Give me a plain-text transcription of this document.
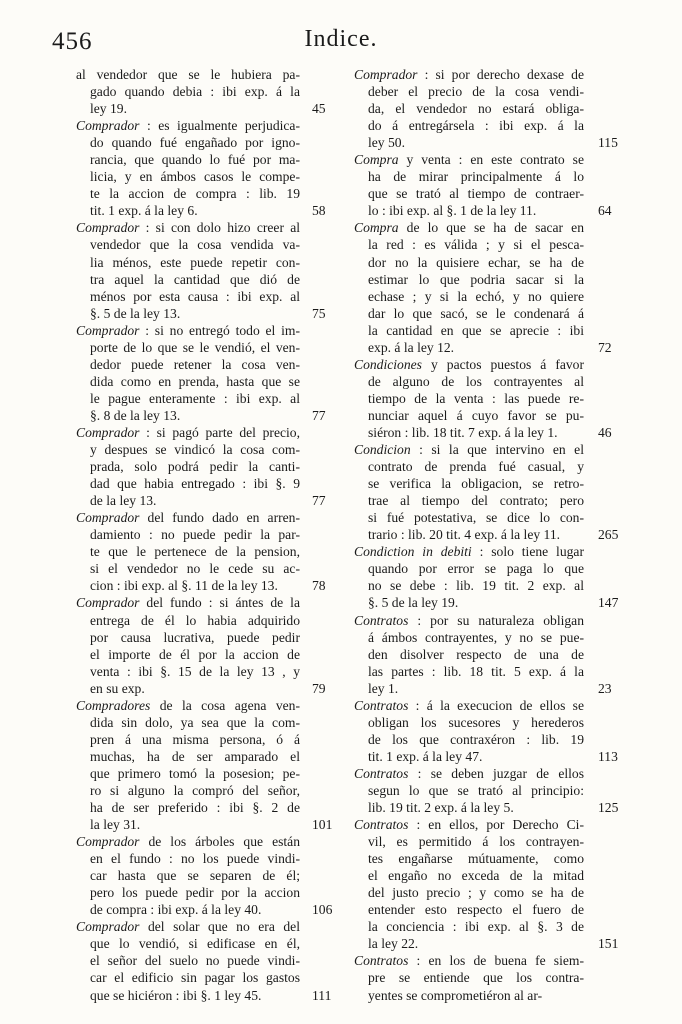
456	Indice.
al vendedor que se le hubiera pa-
gado quando debia : ibi exp. á la
ley 19.	45
Comprador : es igualmente perjudica-
do quando fué engañado por igno-
rancia, que quando lo fué por ma-
licia, y en ámbos casos le compe-
te la accion de compra : lib. 19
tit. 1 exp. á la ley 6.	58
Comprador : si con dolo hizo creer al
vendedor que la cosa vendida va-
lia ménos, este puede repetir con-
tra aquel la cantidad que dió de
ménos por esta causa : ibi exp. al
§. 5 de la ley 13.	75
Comprador : si no entregó todo el im-
porte de lo que se le vendió, el ven-
dedor puede retener la cosa ven-
dida como en prenda, hasta que se
le pague enteramente : ibi exp. al
§. 8 de la ley 13.	77
Comprador : si pagó parte del precio,
y despues se vindicó la cosa com-
prada, solo podrá pedir la canti-
dad que habia entregado : ibi §. 9
de la ley 13.	77
Comprador del fundo dado en arren-
damiento : no puede pedir la par-
te que le pertenece de la pension,
si el vendedor no le cede su ac-
cion : ibi exp. al §. 11 de la ley 13.	78
Comprador del fundo : si ántes de la
entrega de él lo habia adquirido
por causa lucrativa, puede pedir
el importe de él por la accion de
venta : ibi §. 15 de la ley 13 , y
en su exp.	79
Compradores de la cosa agena ven-
dida sin dolo, ya sea que la com-
pren á una misma persona, ó á
muchas, ha de ser amparado el
que primero tomó la posesion; pe-
ro si alguno la compró del señor,
ha de ser preferido : ibi §. 2 de
la ley 31.	101
Comprador de los árboles que están
en el fundo : no los puede vindi-
car hasta que se separen de él;
pero los puede pedir por la accion
de compra : ibi exp. á la ley 40.	106
Comprador del solar que no era del
que lo vendió, si edificase en él,
el señor del suelo no puede vindi-
car el edificio sin pagar los gastos
que se hiciéron : ibi §. 1 ley 45.	111
Comprador : si por derecho dexase de
deber el precio de la cosa vendi-
da, el vendedor no estará obliga-
do á entregársela : ibi exp. á la
ley 50.	115
Compra y venta : en este contrato se
ha de mirar principalmente á lo
que se trató al tiempo de contraer-
lo : ibi exp. al §. 1 de la ley 11.	64
Compra de lo que se ha de sacar en
la red : es válida ; y si el pesca-
dor no la quisiere echar, se ha de
estimar lo que podria sacar si la
echase ; y si la echó, y no quiere
dar lo que sacó, se le condenará á
la cantidad en que se aprecie : ibi
exp. á la ley 12.	72
Condiciones y pactos puestos á favor
de alguno de los contrayentes al
tiempo de la venta : las puede re-
nunciar aquel á cuyo favor se pu-
siéron : lib. 18 tit. 7 exp. á la ley 1.	46
Condicion : si la que intervino en el
contrato de prenda fué casual, y
se verifica la obligacion, se retro-
trae al tiempo del contrato; pero
si fué potestativa, se dice lo con-
trario : lib. 20 tit. 4 exp. á la ley 11.	265
Condiction in debiti : solo tiene lugar
quando por error se paga lo que
no se debe : lib. 19 tit. 2 exp. al
§. 5 de la ley 19.	147
Contratos : por su naturaleza obligan
á ámbos contrayentes, y no se pue-
den disolver respecto de una de
las partes : lib. 18 tit. 5 exp. á la
ley 1.	23
Contratos : á la execucion de ellos se
obligan los sucesores y herederos
de los que contraxéron : lib. 19
tit. 1 exp. á la ley 47.	113
Contratos : se deben juzgar de ellos
segun lo que se trató al principio:
lib. 19 tit. 2 exp. á la ley 5.	125
Contratos : en ellos, por Derecho Ci-
vil, es permitido á los contrayen-
tes engañarse mútuamente, como
el engaño no exceda de la mitad
del justo precio ; y como se ha de
entender esto respecto el fuero de
la conciencia : ibi exp. al §. 3 de
la ley 22.	151
Contratos : en los de buena fe siem-
pre se entiende que los contra-
yentes se comprometiéron al ar-
